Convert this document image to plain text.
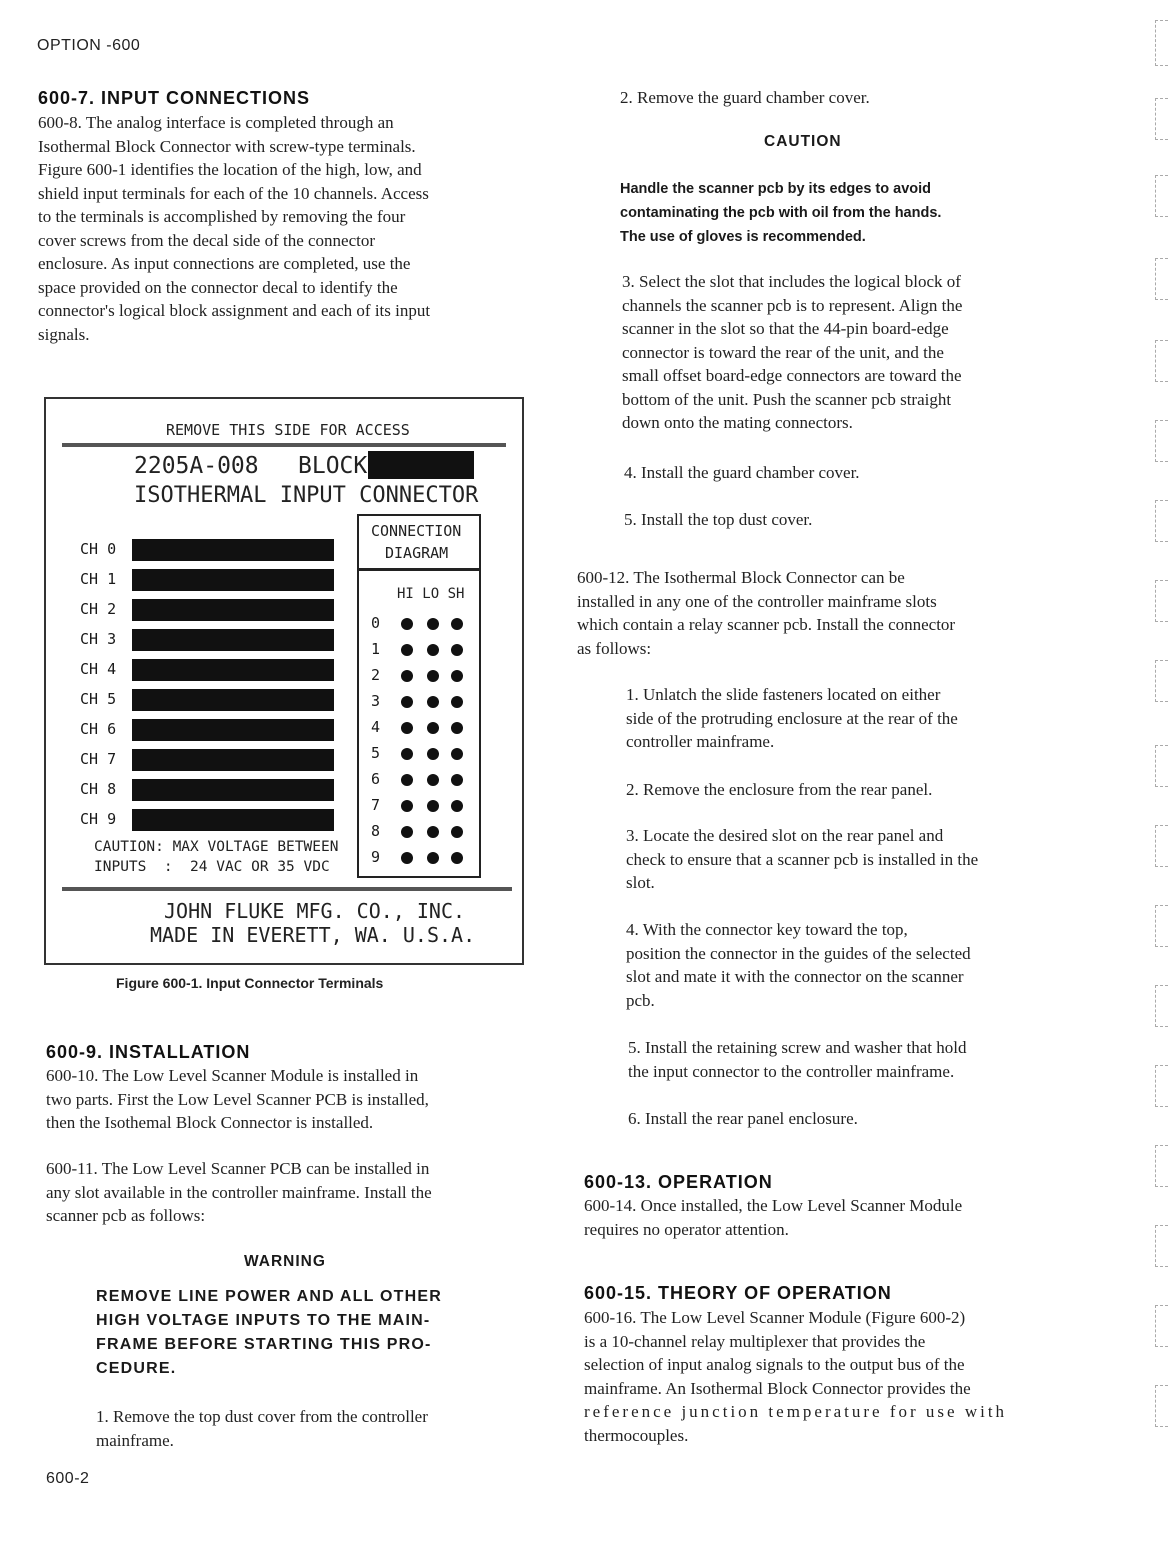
OPTION -600
600-7. INPUT CONNECTIONS
600-8. The analog interface is completed through an
Isothermal Block Connector with screw-type terminals.
Figure 600-1 identifies the location of the high, low, and
shield input terminals for each of the 10 channels. Access
to the terminals is accomplished by removing the four
cover screws from the decal side of the connector
enclosure. As input connections are completed, use the
space provided on the connector decal to identify the
connector's logical block assignment and each of its input
signals.
REMOVE THIS SIDE FOR ACCESS
2205A-008 BLOCK
ISOTHERMAL INPUT CONNECTOR
CH 0
CH 1
CH 2
CH 3
CH 4
CH 5
CH 6
CH 7
CH 8
CH 9
CONNECTION
DIAGRAM
HI LO SH
0
1
2
3
4
5
6
7
8
9
CAUTION: MAX VOLTAGE BETWEEN
INPUTS  :  24 VAC OR 35 VDC
JOHN FLUKE MFG. CO., INC.
MADE IN EVERETT, WA. U.S.A.
Figure 600-1. Input Connector Terminals
600-9. INSTALLATION
600-10. The Low Level Scanner Module is installed in
two parts. First the Low Level Scanner PCB is installed,
then the Isothemal Block Connector is installed.
600-11. The Low Level Scanner PCB can be installed in
any slot available in the controller mainframe. Install the
scanner pcb as follows:
WARNING
REMOVE LINE POWER AND ALL OTHER
HIGH VOLTAGE INPUTS TO THE MAIN-
FRAME BEFORE STARTING THIS PRO-
CEDURE.
1. Remove the top dust cover from the controller
mainframe.
600-2
2. Remove the guard chamber cover.
CAUTION
Handle the scanner pcb by its edges to avoid
contaminating the pcb with oil from the hands.
The use of gloves is recommended.
3. Select the slot that includes the logical block of
channels the scanner pcb is to represent. Align the
scanner in the slot so that the 44-pin board-edge
connector is toward the rear of the unit, and the
small offset board-edge connectors are toward the
bottom of the unit. Push the scanner pcb straight
down onto the mating connectors.
4. Install the guard chamber cover.
5. Install the top dust cover.
600-12. The Isothermal Block Connector can be
installed in any one of the controller mainframe slots
which contain a relay scanner pcb. Install the connector
as follows:
1. Unlatch the slide fasteners located on either
side of the protruding enclosure at the rear of the
controller mainframe.
2. Remove the enclosure from the rear panel.
3. Locate the desired slot on the rear panel and
check to ensure that a scanner pcb is installed in the
slot.
4. With the connector key toward the top,
position the connector in the guides of the selected
slot and mate it with the connector on the scanner
pcb.
5. Install the retaining screw and washer that hold
the input connector to the controller mainframe.
6. Install the rear panel enclosure.
600-13. OPERATION
600-14. Once installed, the Low Level Scanner Module
requires no operator attention.
600-15. THEORY OF OPERATION
600-16. The Low Level Scanner Module (Figure 600-2)
is a 10-channel relay multiplexer that provides the
selection of input analog signals to the output bus of the
mainframe. An Isothermal Block Connector provides the
reference junction temperature for use with
thermocouples.
